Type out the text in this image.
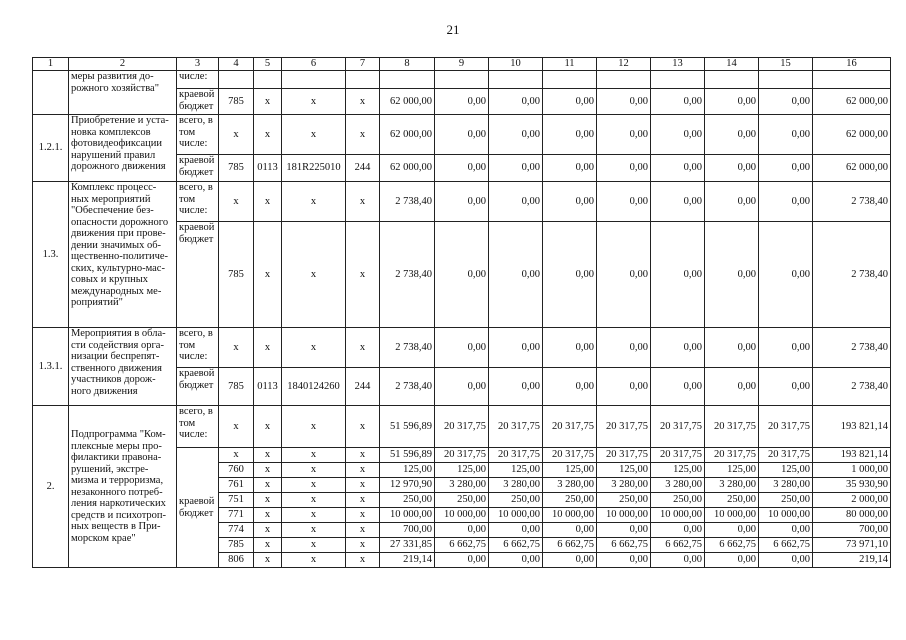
21
1	2	3	4	5	6	7	8	9	10	11	12	13	14	15	16
	меры развития до-рожного хозяйства"	числе:													
		краевой бюджет	785	x	x	x	62 000,00	0,00	0,00	0,00	0,00	0,00	0,00	0,00	62 000,00
1.2.1.	Приобретение и уста-новка комплексов фотовидеофиксации нарушений правил дорожного движения	всего, в том числе:	x	x	x	x	62 000,00	0,00	0,00	0,00	0,00	0,00	0,00	0,00	62 000,00
		краевой бюджет	785	0113	181R225010	244	62 000,00	0,00	0,00	0,00	0,00	0,00	0,00	0,00	62 000,00
1.3.	Комплекс процесс-ных мероприятий "Обеспечение без-опасности дорожного движения при прове-дении значимых об-щественно-политиче-ских, культурно-мас-совых и крупных международных ме-роприятий"	всего, в том числе:	x	x	x	x	2 738,40	0,00	0,00	0,00	0,00	0,00	0,00	0,00	2 738,40
		краевой бюджет	785	x	x	x	2 738,40	0,00	0,00	0,00	0,00	0,00	0,00	0,00	2 738,40
1.3.1.	Мероприятия в обла-сти содействия орга-низации беспрепят-ственного движения участников дорож-ного движения	всего, в том числе:	x	x	x	x	2 738,40	0,00	0,00	0,00	0,00	0,00	0,00	0,00	2 738,40
		краевой бюджет	785	0113	1840124260	244	2 738,40	0,00	0,00	0,00	0,00	0,00	0,00	0,00	2 738,40
2.	Подпрограмма "Ком-плексные меры про-филактики правона-рушений, экстре-мизма и терроризма, незаконного потреб-ления наркотических средств и психотроп-ных веществ в При-морском крае"	всего, в том числе:	x	x	x	x	51 596,89	20 317,75	20 317,75	20 317,75	20 317,75	20 317,75	20 317,75	20 317,75	193 821,14
		краевой бюджет	x	x	x	x	51 596,89	20 317,75	20 317,75	20 317,75	20 317,75	20 317,75	20 317,75	20 317,75	193 821,14
			760	x	x	x	125,00	125,00	125,00	125,00	125,00	125,00	125,00	125,00	1 000,00
			761	x	x	x	12 970,90	3 280,00	3 280,00	3 280,00	3 280,00	3 280,00	3 280,00	3 280,00	35 930,90
			751	x	x	x	250,00	250,00	250,00	250,00	250,00	250,00	250,00	250,00	2 000,00
			771	x	x	x	10 000,00	10 000,00	10 000,00	10 000,00	10 000,00	10 000,00	10 000,00	10 000,00	80 000,00
			774	x	x	x	700,00	0,00	0,00	0,00	0,00	0,00	0,00	0,00	700,00
			785	x	x	x	27 331,85	6 662,75	6 662,75	6 662,75	6 662,75	6 662,75	6 662,75	6 662,75	73 971,10
			806	x	x	x	219,14	0,00	0,00	0,00	0,00	0,00	0,00	0,00	219,14
